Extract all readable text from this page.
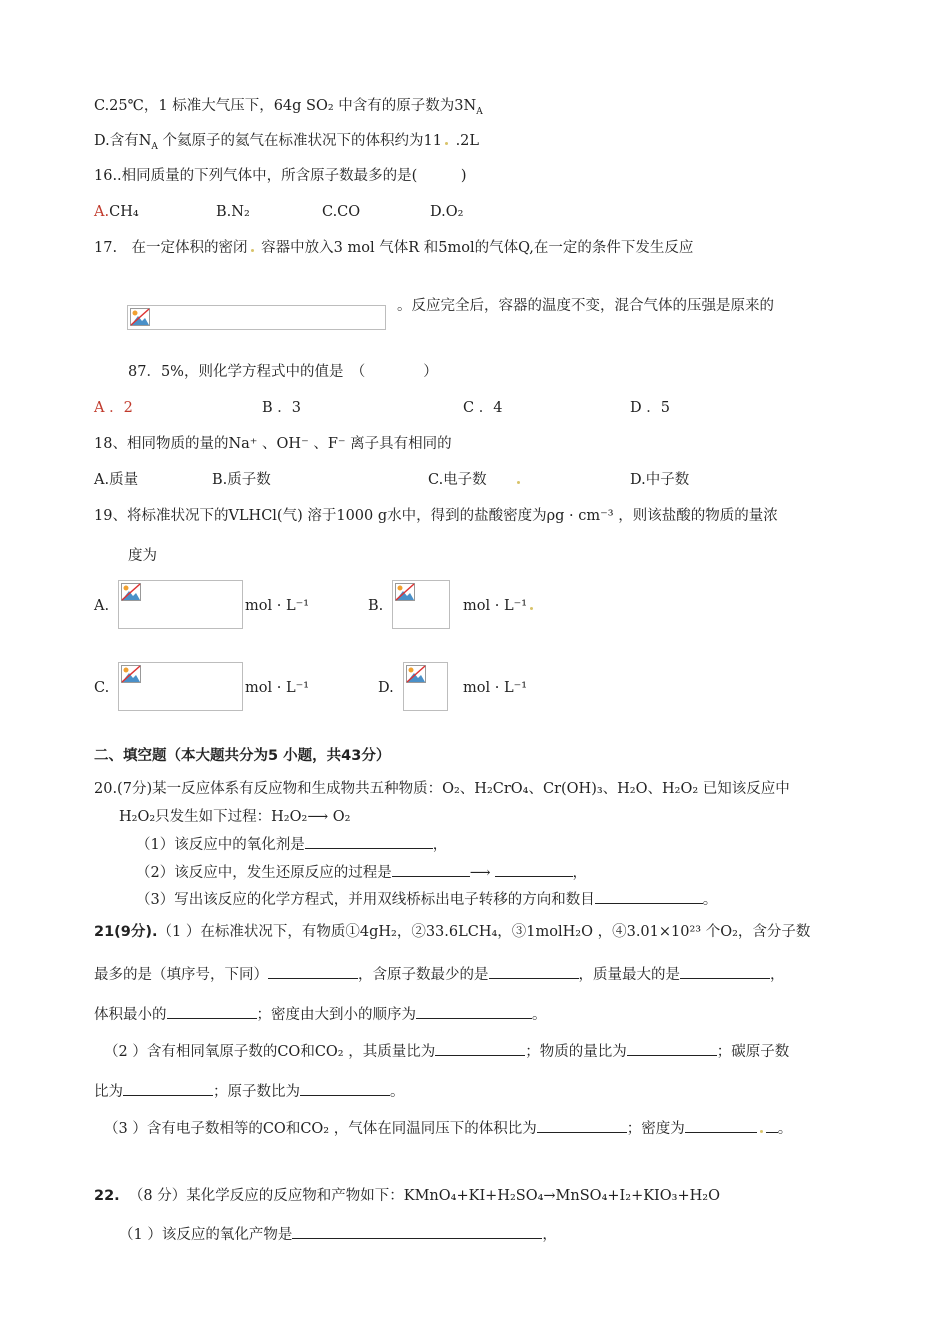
C.25℃，1 标准大气压下，64g SO₂ 中含有的原子数为$3N_A$
D.含有$N_A$ 个氦原子的氦气在标准状况下的体积约为11 .2L
16..相同质量的下列气体中，所含原子数最多的是(　　　)
A.CH₄	B.N₂	C.CO	D.O₂
17.　在一定体积的密闭 容器中放入3 mol 气体R 和5mol的气体Q,在一定的条件下发生反应
。反应完全后，容器的温度不变，混合气体的压强是原来的
87．5%，则化学方程式中的值是　（　　　　）
A ．2	B ．3	C ．4	D ．5
18、相同物质的量的Na⁺ 、OH⁻ 、F⁻ 离子具有相同的
A.质量	B.质子数	C.电子数	D.中子数
19、将标准状况下的VLHCl(气) 溶于1000 g水中，得到的盐酸密度为ρg · cm⁻³ ，则该盐酸的物质的量浓
度为
A.	mol · L⁻¹	B.	mol · L⁻¹
C.	mol · L⁻¹	D.	mol · L⁻¹
二、填空题（本大题共分为5 小题，共43分）
20.(7分)某一反应体系有反应物和生成物共五种物质：O₂、H₂CrO₄、Cr(OH)₃、H₂O、H₂O₂ 已知该反应中
H₂O₂只发生如下过程：H₂O₂⟶ O₂
（1）该反应中的氧化剂是	，
（2）该反应中，发生还原反应的过程是	⟶	，
（3）写出该反应的化学方程式，并用双线桥标出电子转移的方向和数目	。
21(9分).（1 ）在标准状况下，有物质①4gH₂，②33.6LCH₄，③1molH₂O ，④3.01×10²³ 个O₂，含分子数
最多的是（填序号，下同）	，含原子数最少的是	，质量最大的是	，
体积最小的	；密度由大到小的顺序为	。
（2 ）含有相同氧原子数的CO和CO₂ ，其质量比为	；物质的量比为	；碳原子数
比为	；原子数比为	。
（3 ）含有电子数相等的CO和CO₂ ，气体在同温同压下的体积比为	；密度为	。
22. （8 分）某化学反应的反应物和产物如下：KMnO₄+KI+H₂SO₄→MnSO₄+I₂+KIO₃+H₂O
（1 ）该反应的氧化产物是	，
